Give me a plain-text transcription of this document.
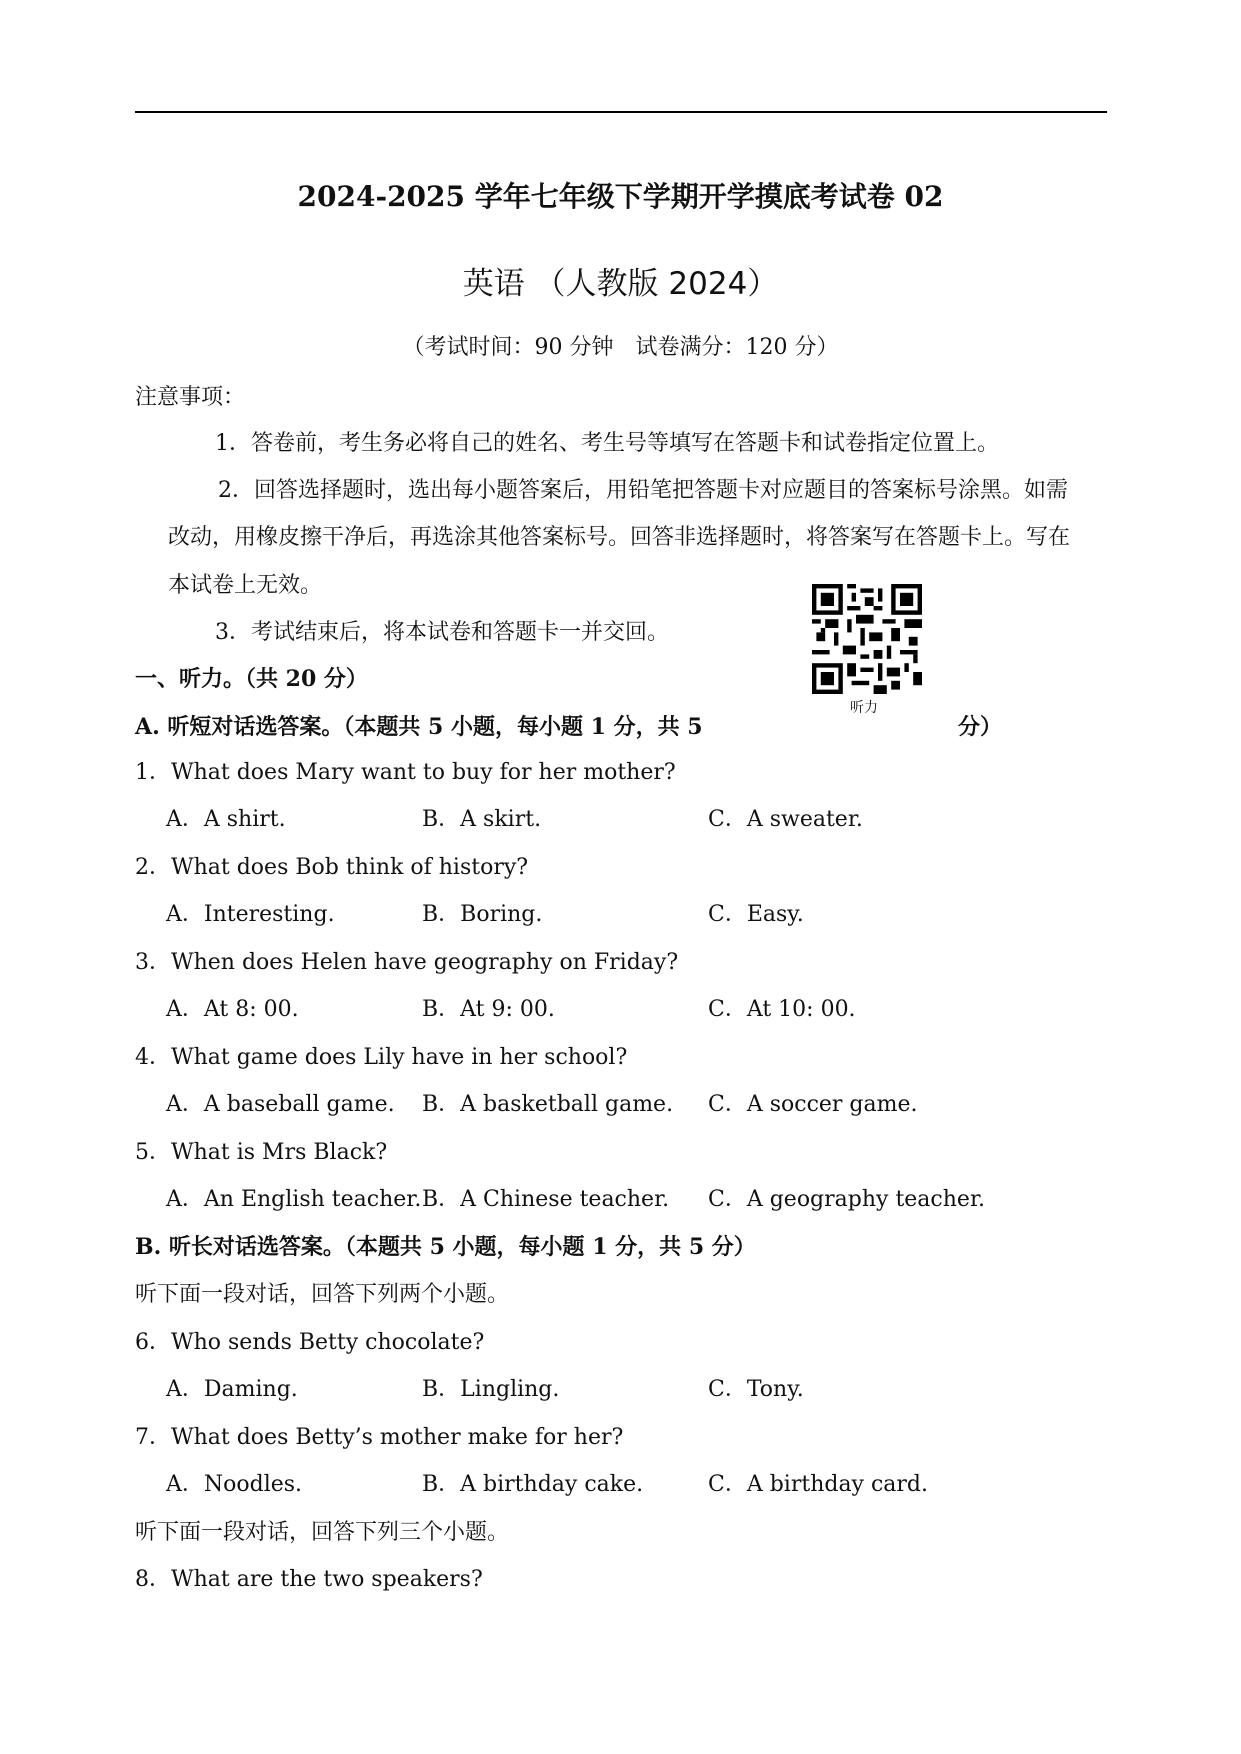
2024-2025 学年七年级下学期开学摸底考试卷 02
英语 （人教版 2024）
（考试时间：90 分钟　试卷满分：120 分）
注意事项：
1．答卷前，考生务必将自己的姓名、考生号等填写在答题卡和试卷指定位置上。
2．回答选择题时，选出每小题答案后，用铅笔把答题卡对应题目的答案标号涂黑。如需
改动，用橡皮擦干净后，再选涂其他答案标号。回答非选择题时，将答案写在答题卡上。写在
本试卷上无效。
3．考试结束后，将本试卷和答题卡一并交回。
听力
一、听力。（共 20 分）
A. 听短对话选答案。（本题共 5 小题，每小题 1 分，共 5	分）
1．What does Mary want to buy for her mother?
A．A shirt.	B．A skirt.	C．A sweater.
2．What does Bob think of history?
A．Interesting.	B．Boring.	C．Easy.
3．When does Helen have geography on Friday?
A．At 8: 00.	B．At 9: 00.	C．At 10: 00.
4．What game does Lily have in her school?
A．A baseball game. B．A basketball game. C．A soccer game.
5．What is Mrs Black?
A．An English teacher. B．A Chinese teacher. C．A geography teacher.
B. 听长对话选答案。（本题共 5 小题，每小题 1 分，共 5 分）
听下面一段对话，回答下列两个小题。
6．Who sends Betty chocolate?
A．Daming.	B．Lingling.	C．Tony.
7．What does Betty’s mother make for her?
A．Noodles.	B．A birthday cake.	C．A birthday card.
听下面一段对话，回答下列三个小题。
8．What are the two speakers?
